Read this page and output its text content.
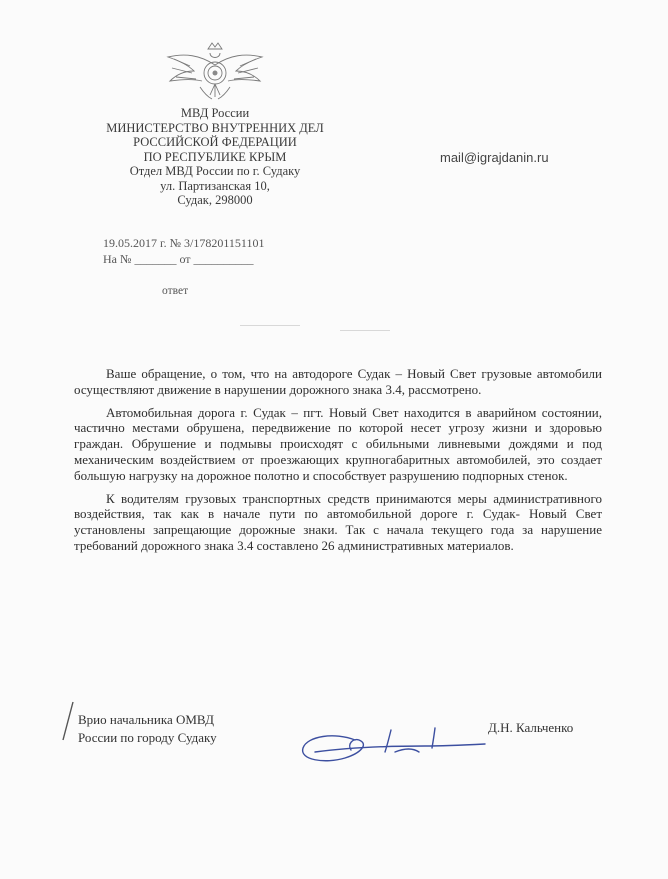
МВД России
МИНИСТЕРСТВО ВНУТРЕННИХ ДЕЛ
РОССИЙСКОЙ ФЕДЕРАЦИИ
ПО РЕСПУБЛИКЕ КРЫМ
Отдел МВД России по г. Судаку
ул. Партизанская 10,
Судак, 298000
mail@igrajdanin.ru
19.05.2017 г. № 3/178201151101
На № _______ от __________
ответ

Ваше обращение, о том, что на автодороге Судак – Новый Свет грузовые автомобили осуществляют движение в нарушении дорожного знака 3.4, рассмотрено.

Автомобильная дорога г. Судак – пгт. Новый Свет находится в аварийном состоянии, частично местами обрушена, передвижение по которой несет угрозу жизни и здоровью граждан. Обрушение и подмывы происходят с обильными ливневыми дождями и под механическим воздействием от проезжающих крупногабаритных автомобилей, это создает большую нагрузку на дорожное полотно и способствует разрушению подпорных стенок.

К водителям грузовых транспортных средств принимаются меры административного воздействия, так как в начале пути по автомобильной дороге г. Судак- Новый Свет установлены запрещающие дорожные знаки. Так с начала текущего года за нарушение требований дорожного знака 3.4 составлено 26 административных материалов.

Врио начальника ОМВД
России по городу Судаку
Д.Н. Кальченко
